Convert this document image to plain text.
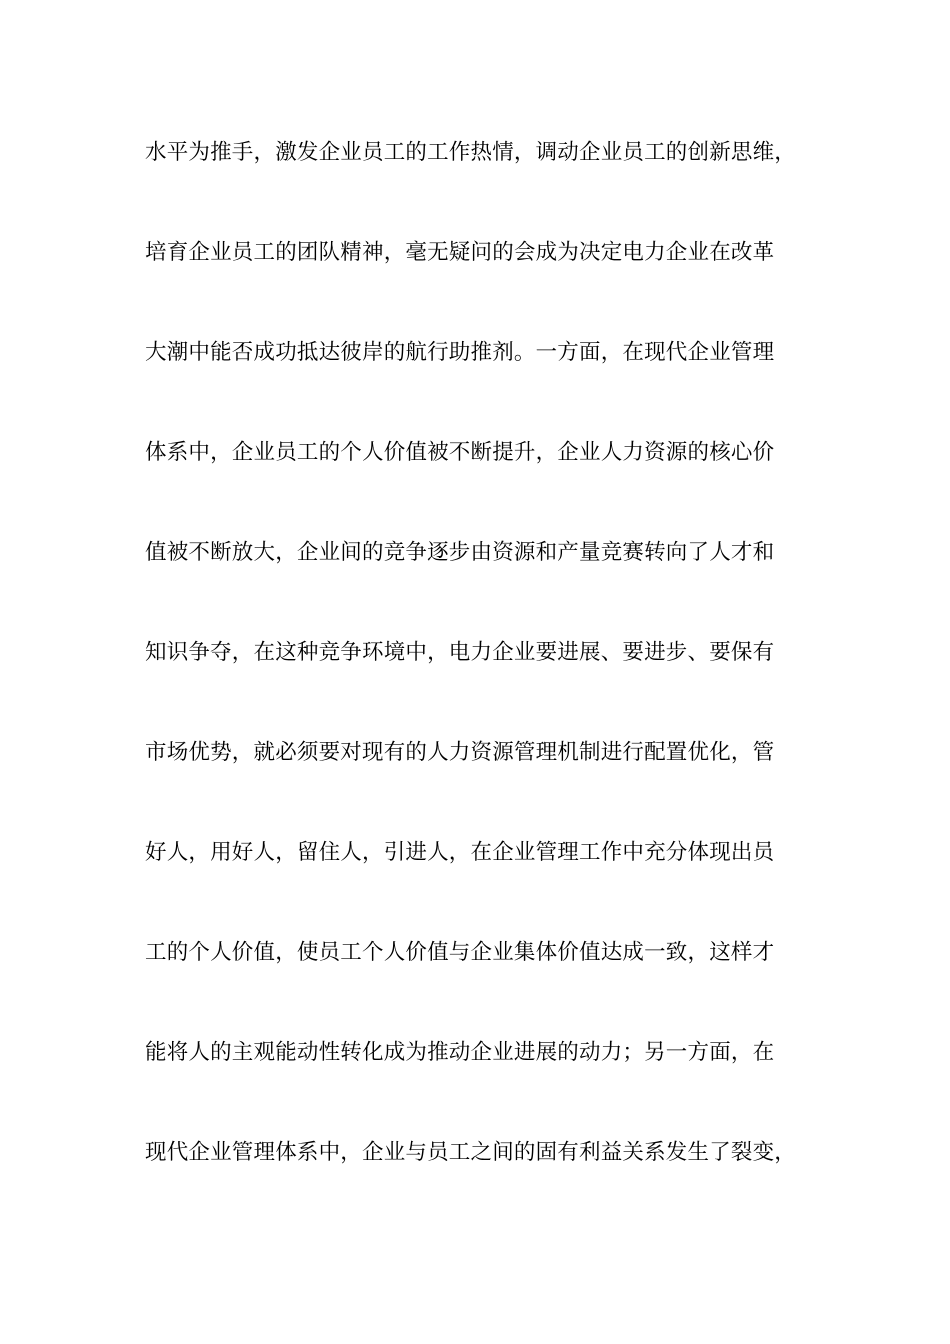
水平为推手，激发企业员工的工作热情，调动企业员工的创新思维，
培育企业员工的团队精神，毫无疑问的会成为决定电力企业在改革
大潮中能否成功抵达彼岸的航行助推剂。一方面，在现代企业管理
体系中，企业员工的个人价值被不断提升，企业人力资源的核心价
值被不断放大，企业间的竞争逐步由资源和产量竞赛转向了人才和
知识争夺，在这种竞争环境中，电力企业要进展、要进步、要保有
市场优势，就必须要对现有的人力资源管理机制进行配置优化，管
好人，用好人，留住人，引进人，在企业管理工作中充分体现出员
工的个人价值，使员工个人价值与企业集体价值达成一致，这样才
能将人的主观能动性转化成为推动企业进展的动力；另一方面，在
现代企业管理体系中，企业与员工之间的固有利益关系发生了裂变，
